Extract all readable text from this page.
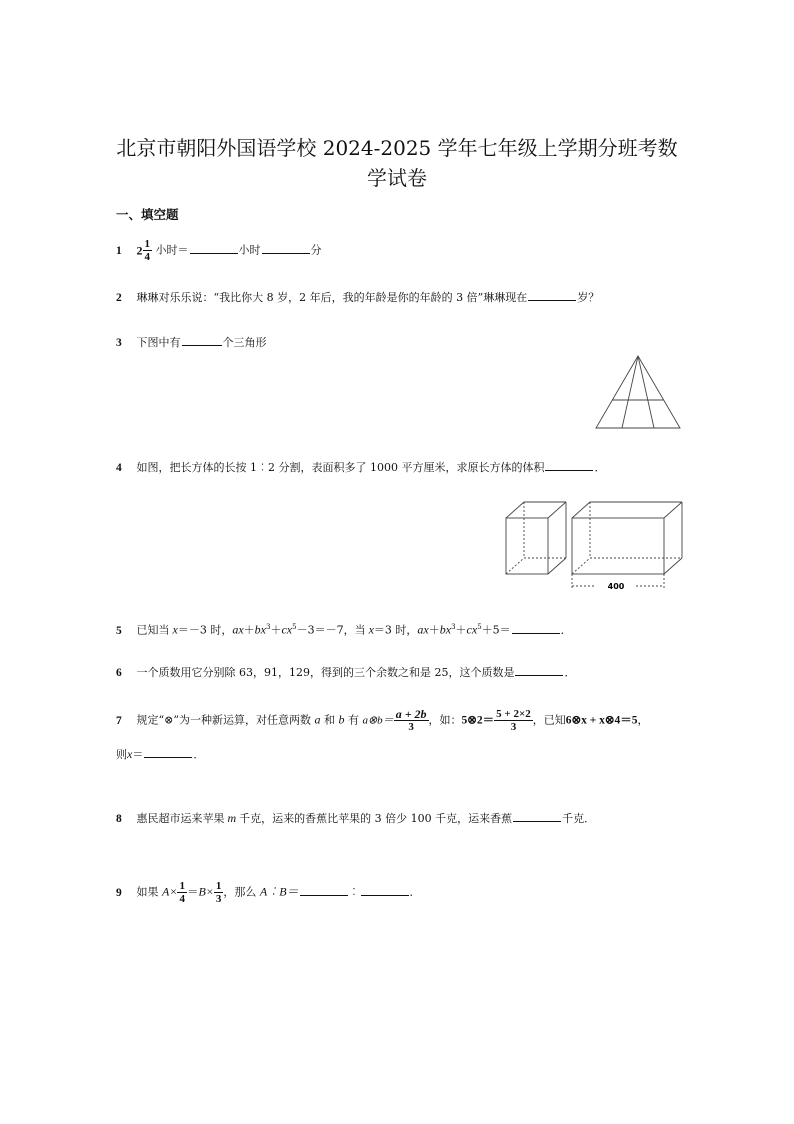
北京市朝阳外国语学校 2024-2025 学年七年级上学期分班考数
学试卷
一、填空题
1 $2 \frac{1}{4}$ 小时＝	小时	分
2 琳琳对乐乐说：“我比你大 8 岁，2 年后，我的年龄是你的年龄的 3 倍”琳琳现在	岁？
3 下图中有	个三角形
4 如图，把长方体的长按 1︰2 分割，表面积多了 1000 平方厘米，求原长方体的体积	．
400
5 已知当 x＝－3 时，$ax+bx^3+cx^5-3=-7$，当 x＝3 时，$ax+bx^3+cx^5+5=$	．
6 一个质数用它分别除 63，91，129，得到的三个余数之和是 25，这个质数是	．
7 规定“⊗”为一种新运算，对任意两数 a 和 b 有 a⊗b＝ $\frac{a + 2b}{3}$ ，如：5⊗2＝ $\frac{5 + 2\times 2}{3}$ ，已知6⊗x + x⊗4＝5，
则x＝	．
8 惠民超市运来苹果 m 千克，运来的香蕉比苹果的 3 倍少 100 千克，运来香蕉	千克．
9 如果 $A\times \frac{1}{4} =B\times \frac{1}{3}$ ，那么 A︰B＝	︰	．
